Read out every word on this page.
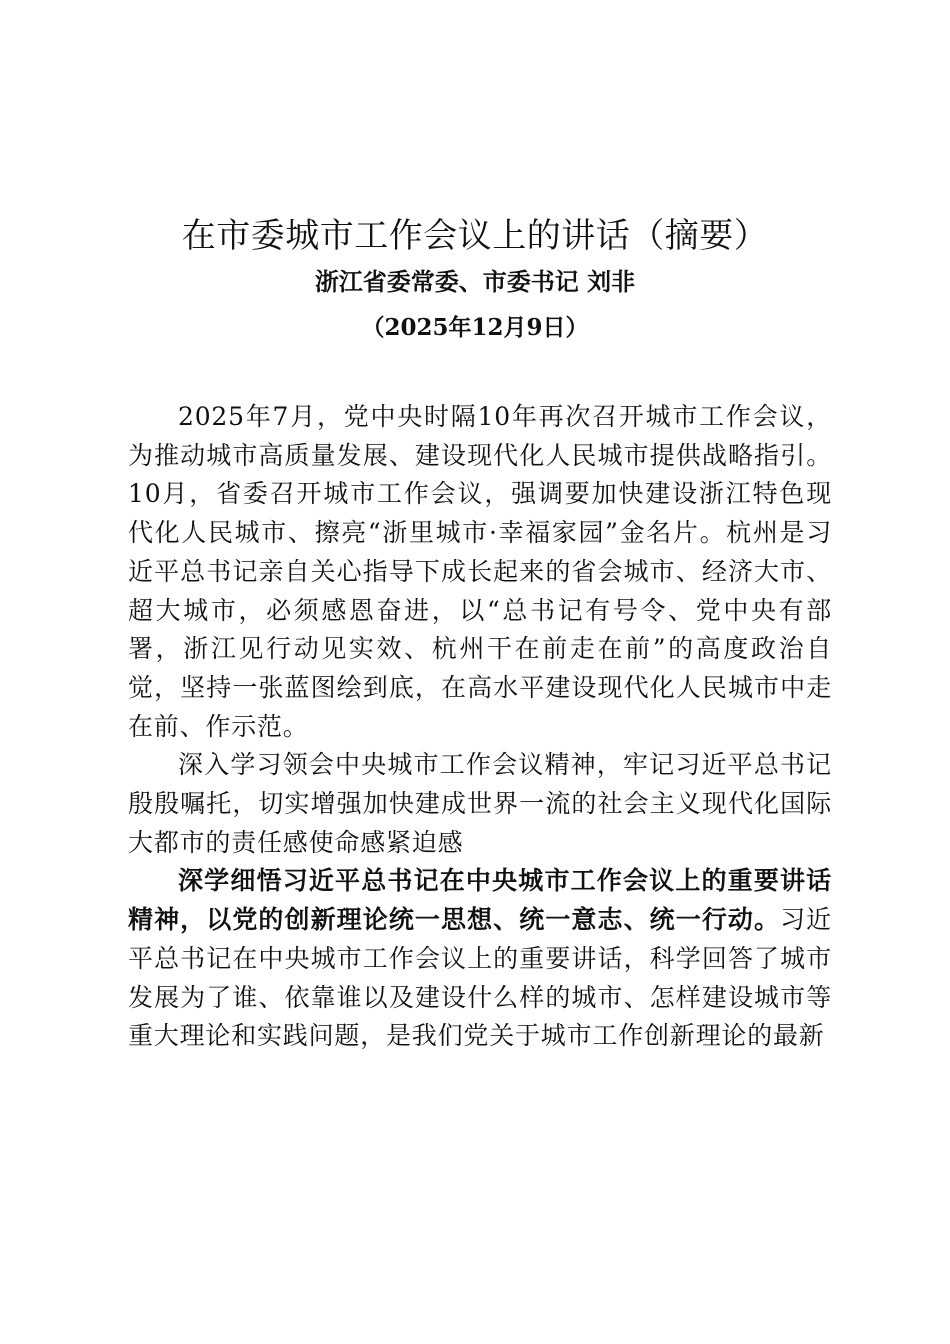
在市委城市工作会议上的讲话（摘要）
浙江省委常委、市委书记 刘非
（2025年12月9日）

2025年7月，党中央时隔10年再次召开城市工作会议，为推动城市高质量发展、建设现代化人民城市提供战略指引。10月，省委召开城市工作会议，强调要加快建设浙江特色现代化人民城市、擦亮“浙里城市·幸福家园”金名片。杭州是习近平总书记亲自关心指导下成长起来的省会城市、经济大市、超大城市，必须感恩奋进，以“总书记有号令、党中央有部署，浙江见行动见实效、杭州干在前走在前”的高度政治自觉，坚持一张蓝图绘到底，在高水平建设现代化人民城市中走在前、作示范。

深入学习领会中央城市工作会议精神，牢记习近平总书记殷殷嘱托，切实增强加快建成世界一流的社会主义现代化国际大都市的责任感使命感紧迫感

深学细悟习近平总书记在中央城市工作会议上的重要讲话精神，以党的创新理论统一思想、统一意志、统一行动。习近平总书记在中央城市工作会议上的重要讲话，科学回答了城市发展为了谁、依靠谁以及建设什么样的城市、怎样建设城市等重大理论和实践问题，是我们党关于城市工作创新理论的最新
